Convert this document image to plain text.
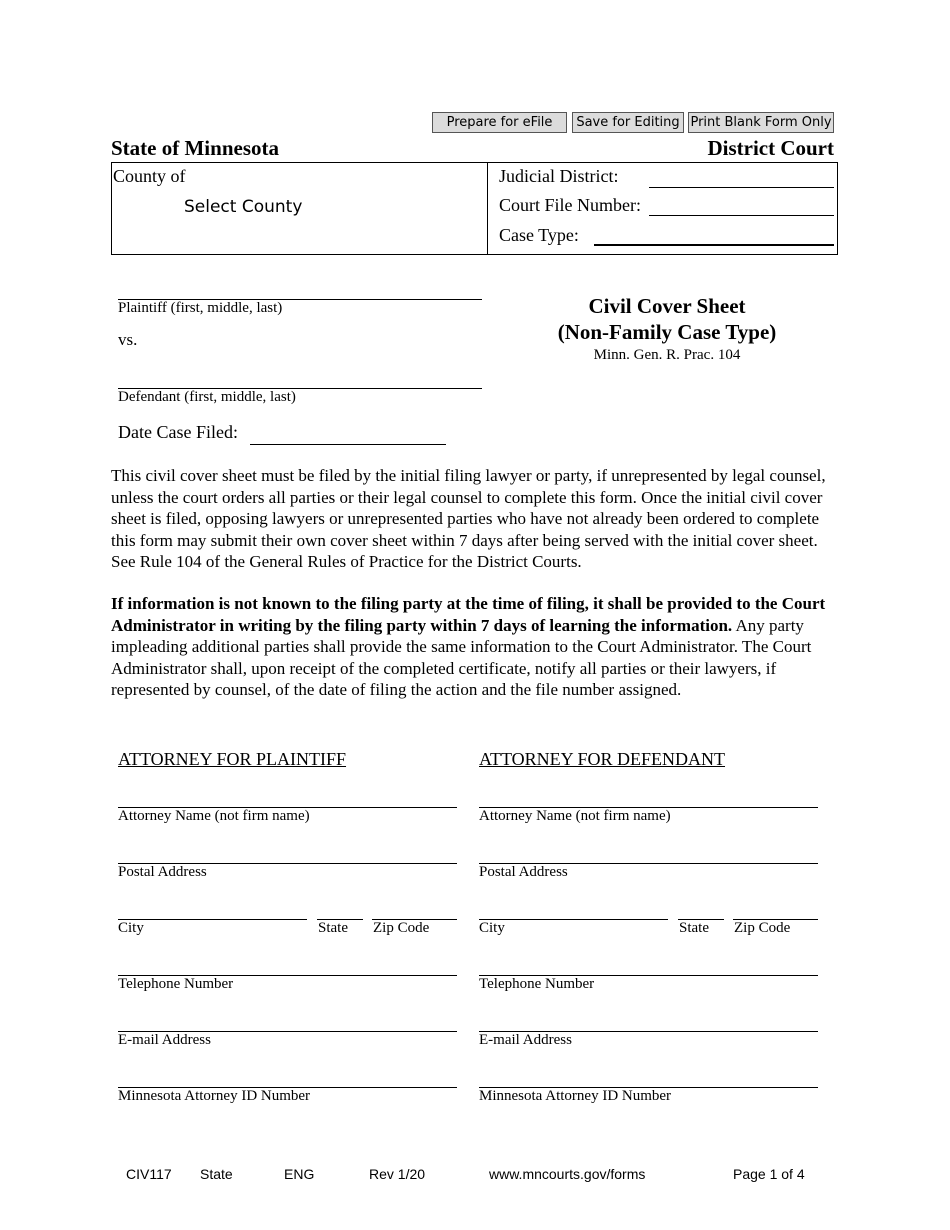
Prepare for eFile	Save for Editing Print Blank Form Only
State of Minnesota	District Court
County of
Select County
Judicial District:
Court File Number:
Case Type:
Plaintiff (first, middle, last)
vs.
Defendant (first, middle, last)
Date Case Filed:
Civil Cover Sheet
(Non-Family Case Type)
Minn. Gen. R. Prac. 104
This civil cover sheet must be filed by the initial filing lawyer or party, if unrepresented by legal counsel, unless the court orders all parties or their legal counsel to complete this form. Once the initial civil cover sheet is filed, opposing lawyers or unrepresented parties who have not already been ordered to complete this form may submit their own cover sheet within 7 days after being served with the initial cover sheet. See Rule 104 of the General Rules of Practice for the District Courts.
If information is not known to the filing party at the time of filing, it shall be provided to the Court Administrator in writing by the filing party within 7 days of learning the information. Any party impleading additional parties shall provide the same information to the Court Administrator. The Court Administrator shall, upon receipt of the completed certificate, notify all parties or their lawyers, if represented by counsel, of the date of filing the action and the file number assigned.
ATTORNEY FOR PLAINTIFF
Attorney Name (not firm name)
Postal Address
City	State Zip Code
Telephone Number
E-mail Address
Minnesota Attorney ID Number
ATTORNEY FOR DEFENDANT
Attorney Name (not firm name)
Postal Address
City	State Zip Code
Telephone Number
E-mail Address
Minnesota Attorney ID Number
CIV117 State	ENG	Rev 1/20	www.mncourts.gov/forms	Page 1 of 4
